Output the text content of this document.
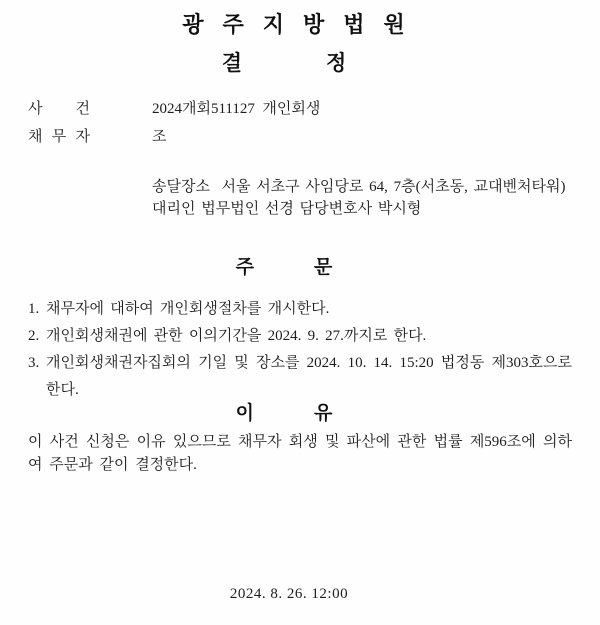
광주지방법원
결	정
사 건	2024개회511127  개인회생
채 무 자	조
송달장소  서울 서초구 사임당로 64, 7층(서초동, 교대벤처타워)
대리인 법무법인 선경 담당변호사 박시형
주	문
1. 채무자에 대하여 개인회생절차를 개시한다.
2. 개인회생채권에 관한 이의기간을 2024. 9. 27.까지로 한다.
3. 개인회생채권자집회의 기일 및 장소를 2024. 10. 14. 15:20 법정동 제303호으로 한다.
이	유
이 사건 신청은 이유 있으므로 채무자 회생 및 파산에 관한 법률 제596조에 의하여 주문과 같이 결정한다.
2024. 8. 26. 12:00
